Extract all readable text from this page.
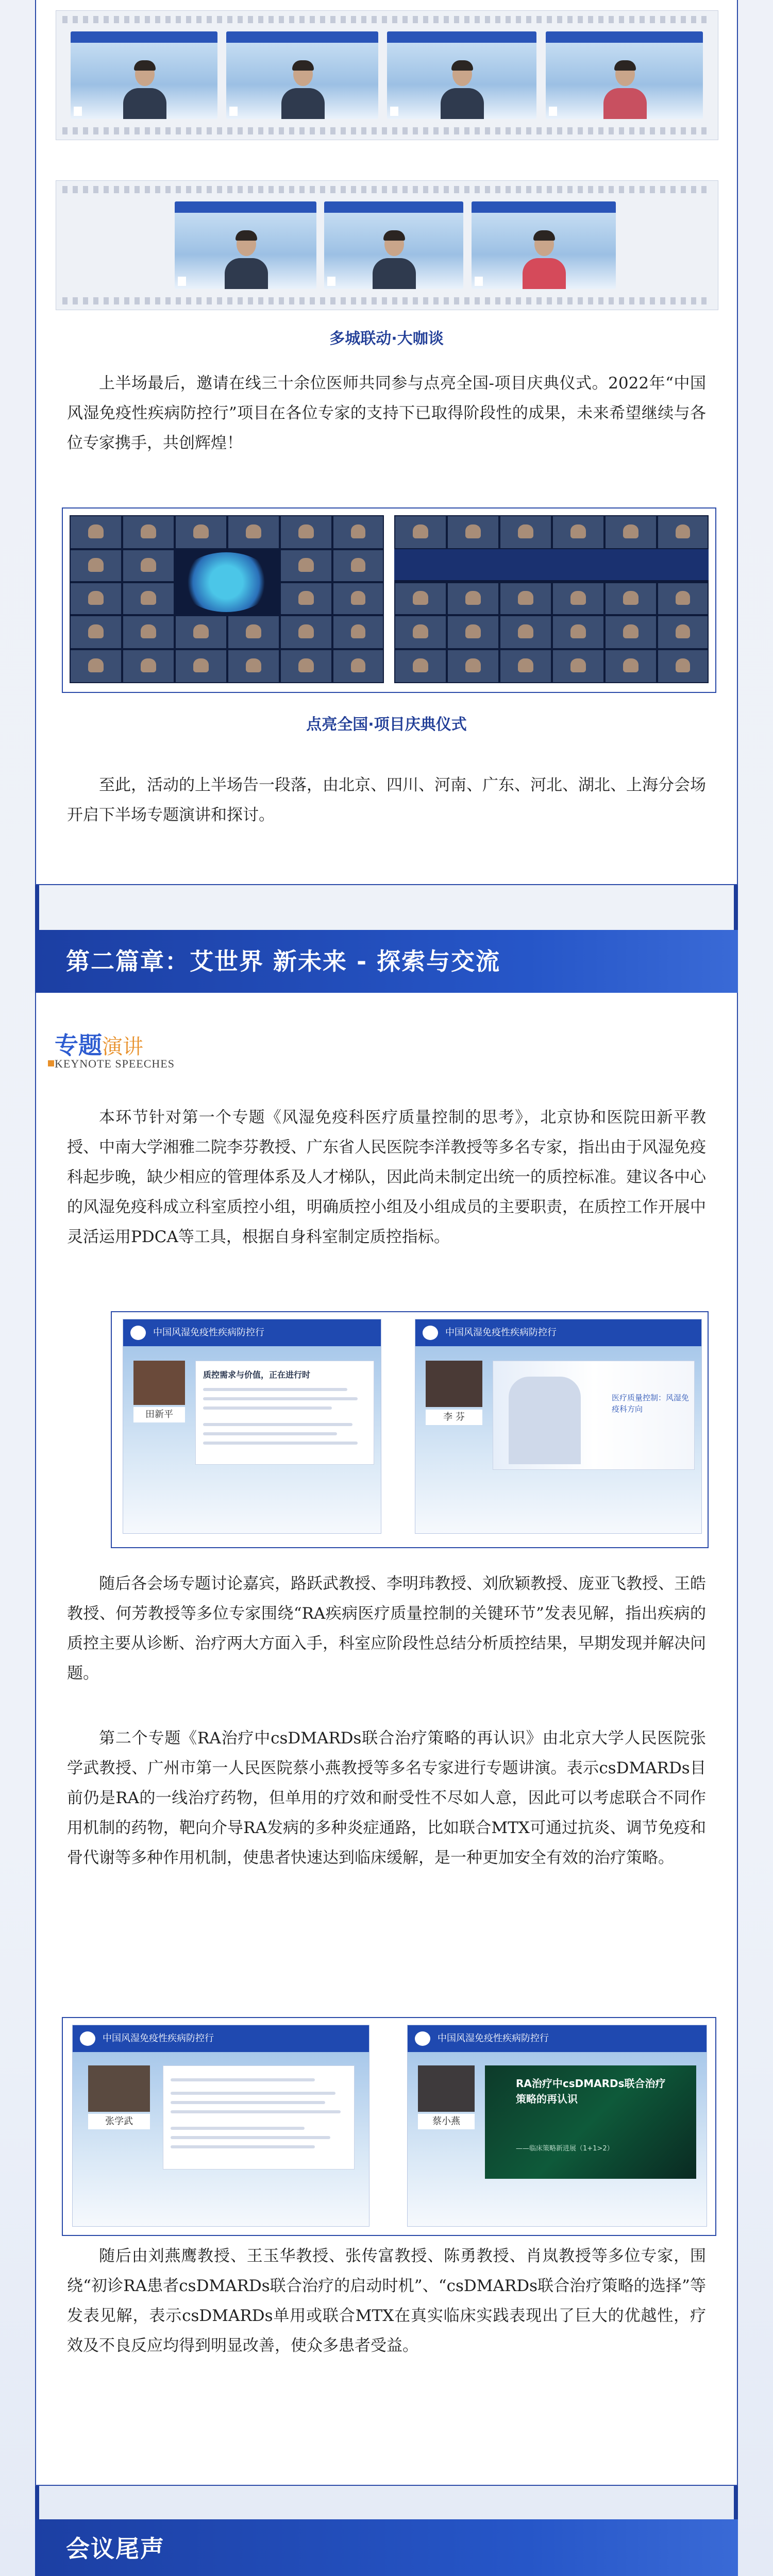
多城联动·大咖谈
上半场最后，邀请在线三十余位医师共同参与点亮全国-项目庆典仪式。2022年“中国风湿免疫性疾病防控行”项目在各位专家的支持下已取得阶段性的成果，未来希望继续与各位专家携手，共创辉煌！
点亮全国·项目庆典仪式
至此，活动的上半场告一段落，由北京、四川、河南、广东、河北、湖北、上海分会场开启下半场专题演讲和探讨。
第二篇章：艾世界 新未来 - 探索与交流
专题演讲
KEYNOTE SPEECHES
本环节针对第一个专题《风湿免疫科医疗质量控制的思考》，北京协和医院田新平教授、中南大学湘雅二院李芬教授、广东省人民医院李洋教授等多名专家，指出由于风湿免疫科起步晚，缺少相应的管理体系及人才梯队，因此尚未制定出统一的质控标准。建议各中心的风湿免疫科成立科室质控小组，明确质控小组及小组成员的主要职责，在质控工作开展中灵活运用PDCA等工具，根据自身科室制定质控指标。
中国风湿免疫性疾病防控行
田新平
质控需求与价值，正在进行时
中国风湿免疫性疾病防控行
李 芬
医疗质量控制：风湿免疫科方向
随后各会场专题讨论嘉宾，路跃武教授、李明玮教授、刘欣颖教授、庞亚飞教授、王皓教授、何芳教授等多位专家围绕“RA疾病医疗质量控制的关键环节”发表见解，指出疾病的质控主要从诊断、治疗两大方面入手，科室应阶段性总结分析质控结果，早期发现并解决问题。
第二个专题《RA治疗中csDMARDs联合治疗策略的再认识》由北京大学人民医院张学武教授、广州市第一人民医院蔡小燕教授等多名专家进行专题讲演。表示csDMARDs目前仍是RA的一线治疗药物，但单用的疗效和耐受性不尽如人意，因此可以考虑联合不同作用机制的药物，靶向介导RA发病的多种炎症通路，比如联合MTX可通过抗炎、调节免疫和骨代谢等多种作用机制，使患者快速达到临床缓解，是一种更加安全有效的治疗策略。
中国风湿免疫性疾病防控行
张学武
中国风湿免疫性疾病防控行
蔡小燕
RA治疗中csDMARDs联合治疗策略的再认识
——临床策略新进展（1+1>2）
随后由刘燕鹰教授、王玉华教授、张传富教授、陈勇教授、肖岚教授等多位专家，围绕“初诊RA患者csDMARDs联合治疗的启动时机”、“csDMARDs联合治疗策略的选择”等发表见解，表示csDMARDs单用或联合MTX在真实临床实践表现出了巨大的优越性，疗效及不良反应均得到明显改善，使众多患者受益。
会议尾声
